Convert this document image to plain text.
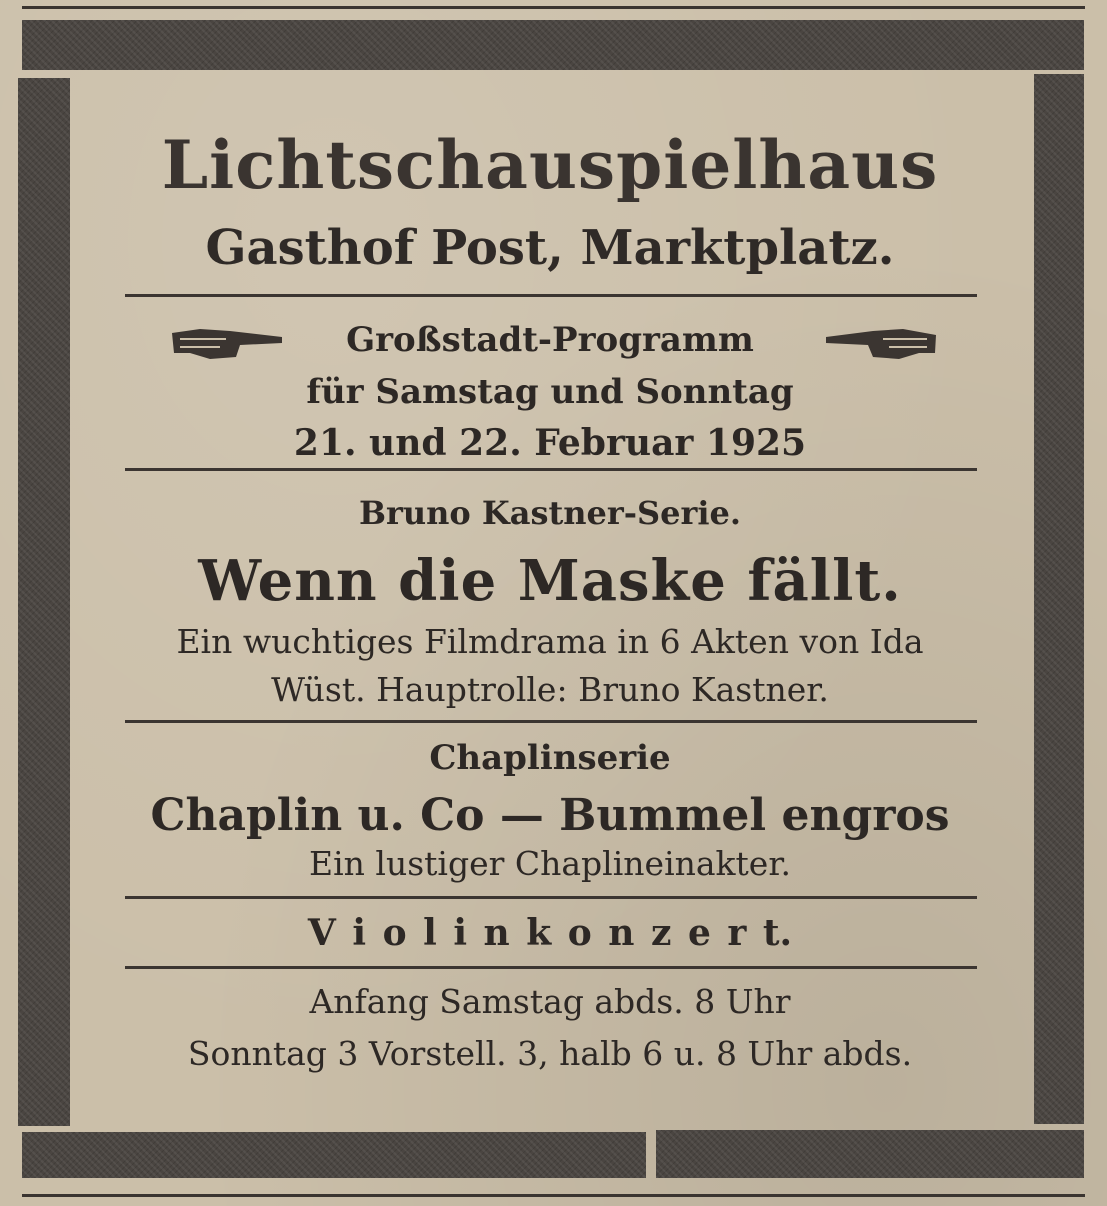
Lichtschauspielhaus
Gasthof Post, Marktplatz.
Großstadt-Programm
für Samstag und Sonntag
21. und 22. Februar 1925
Bruno Kastner-Serie.
Wenn die Maske fällt.
Ein wuchtiges Filmdrama in 6 Akten von Ida
Wüst. Hauptrolle: Bruno Kastner.
Chaplinserie
Chaplin u. Co — Bummel engros
Ein lustiger Chaplineinakter.
V i o l i n k o n z e r t.
Anfang Samstag abds. 8 Uhr
Sonntag 3 Vorstell. 3, halb 6 u. 8 Uhr abds.
